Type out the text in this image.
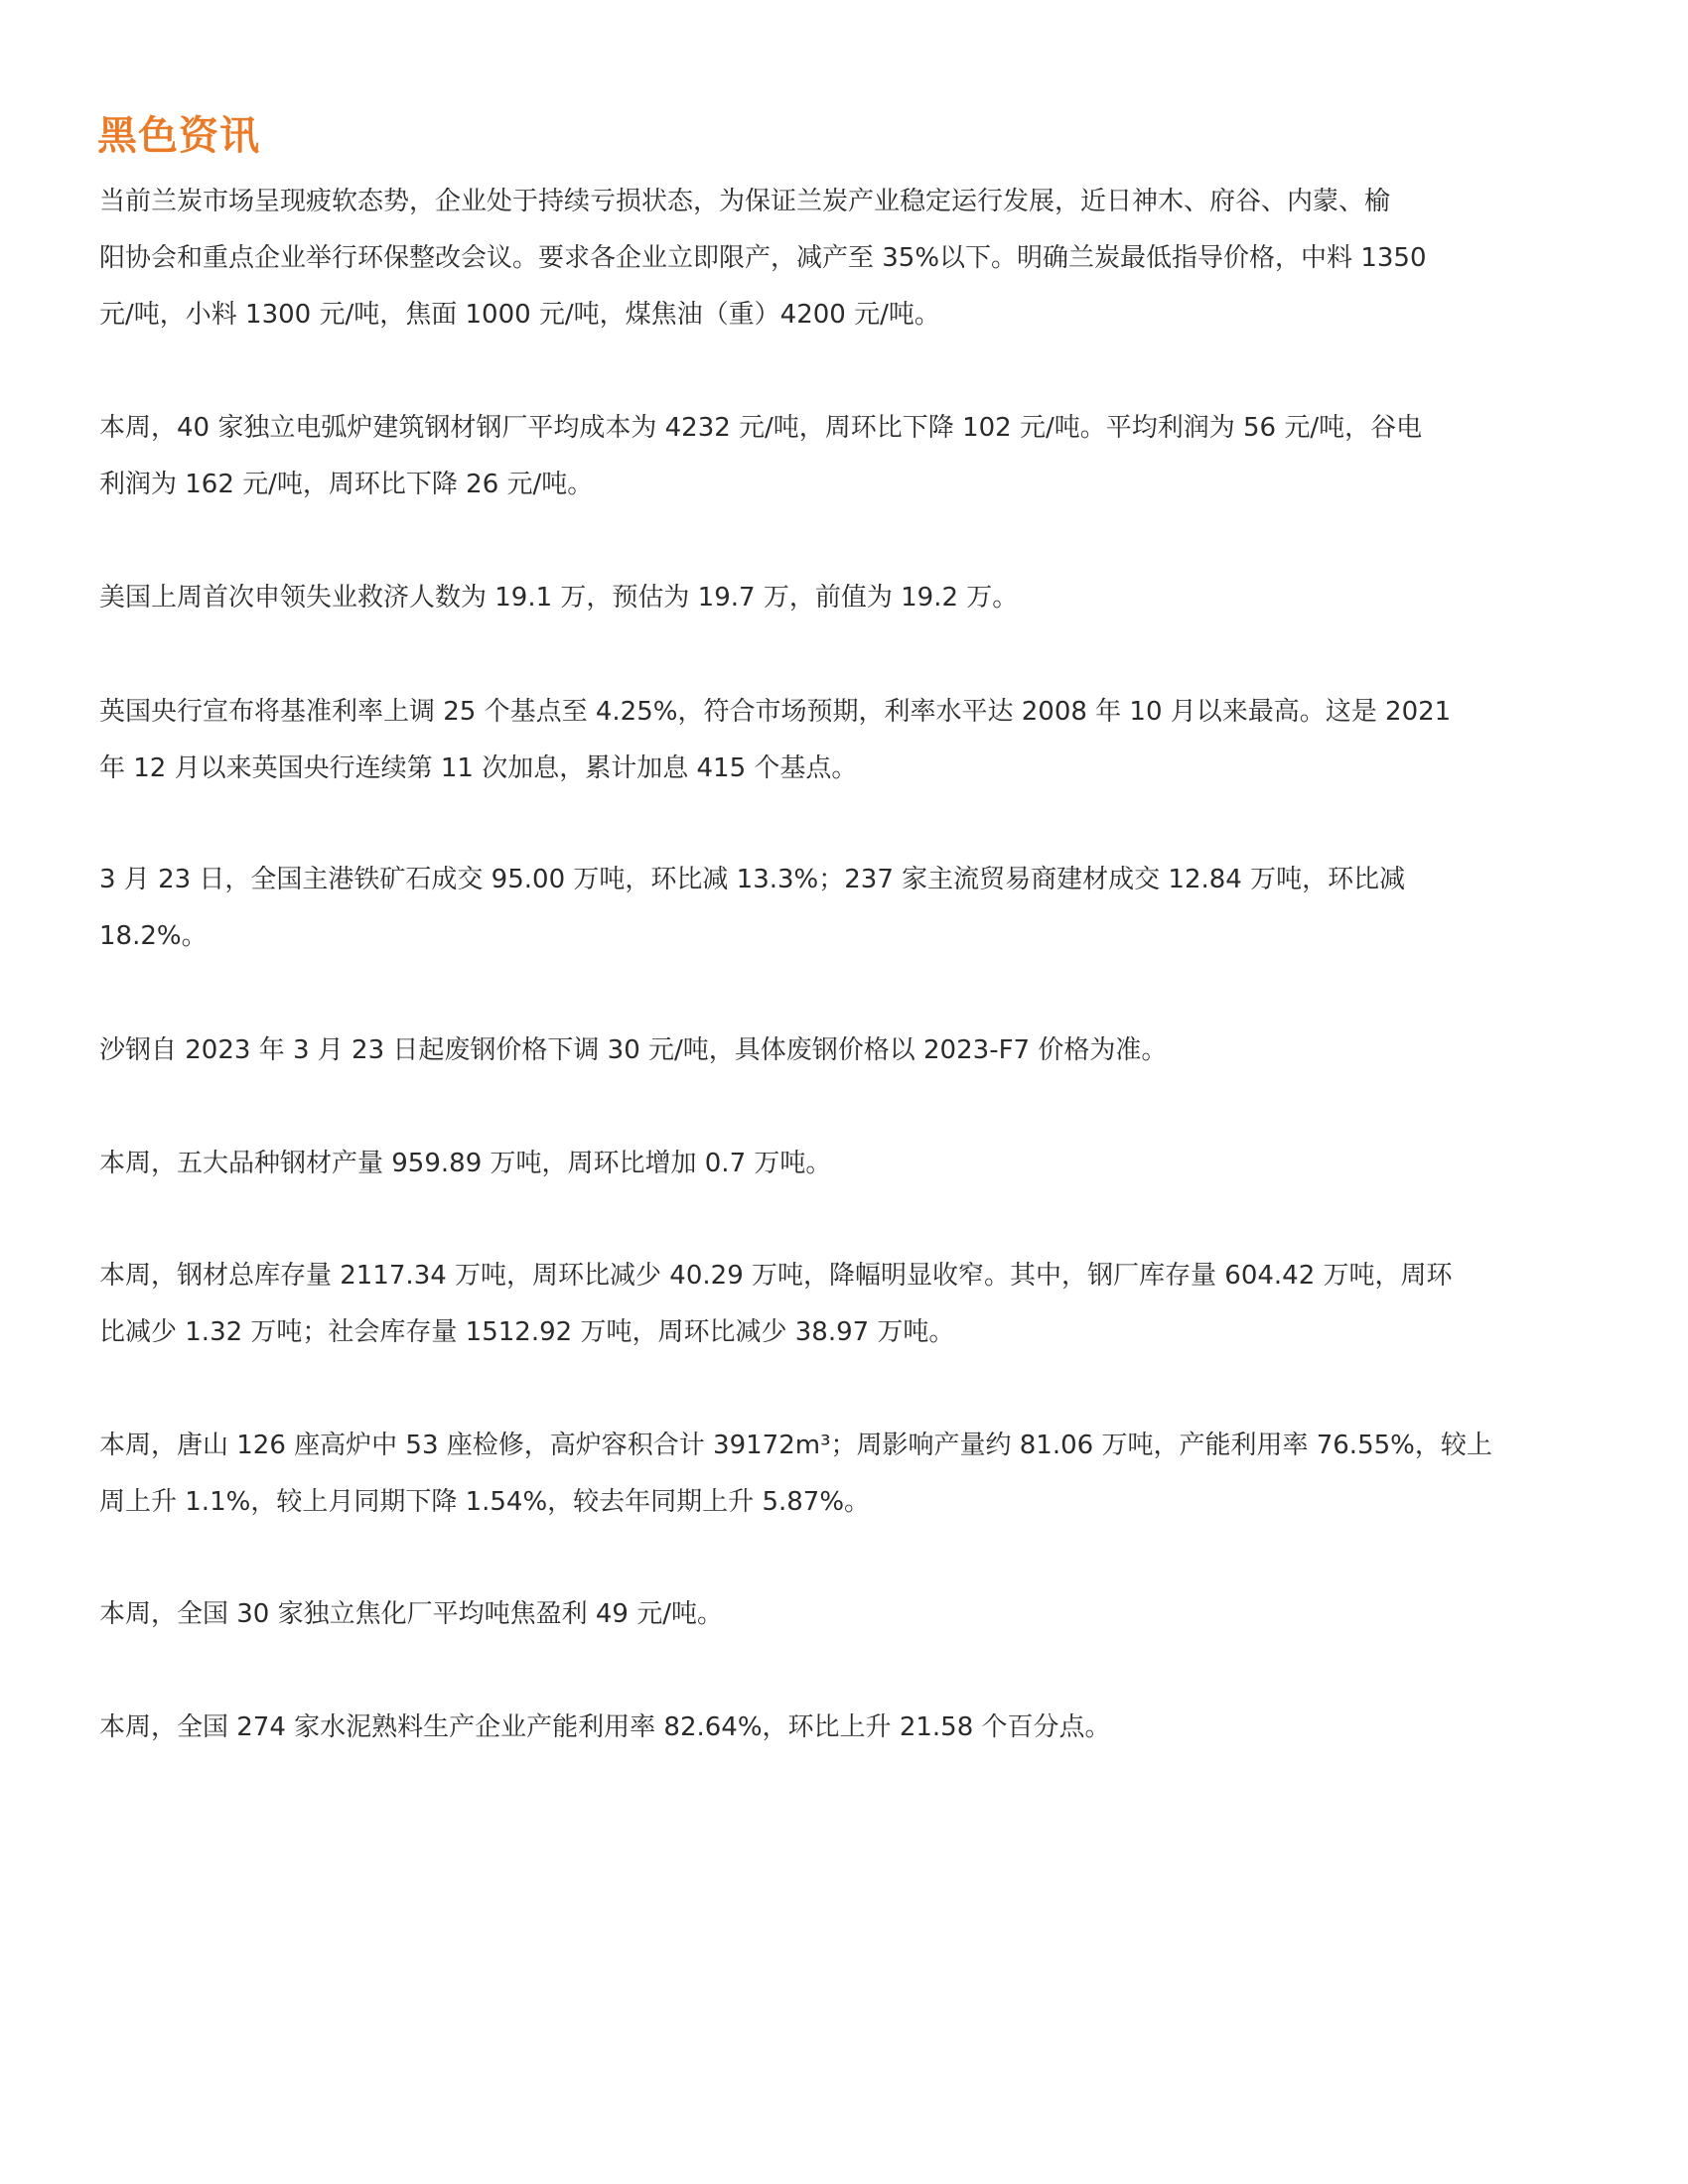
黑色资讯

当前兰炭市场呈现疲软态势，企业处于持续亏损状态，为保证兰炭产业稳定运行发展，近日神木、府谷、内蒙、榆
阳协会和重点企业举行环保整改会议。要求各企业立即限产，减产至 35%以下。明确兰炭最低指导价格，中料 1350
元/吨，小料 1300 元/吨，焦面 1000 元/吨，煤焦油（重）4200 元/吨。

本周，40 家独立电弧炉建筑钢材钢厂平均成本为 4232 元/吨，周环比下降 102 元/吨。平均利润为 56 元/吨，谷电
利润为 162 元/吨，周环比下降 26 元/吨。

美国上周首次申领失业救济人数为 19.1 万，预估为 19.7 万，前值为 19.2 万。

英国央行宣布将基准利率上调 25 个基点至 4.25%，符合市场预期，利率水平达 2008 年 10 月以来最高。这是 2021
年 12 月以来英国央行连续第 11 次加息，累计加息 415 个基点。

3 月 23 日，全国主港铁矿石成交 95.00 万吨，环比减 13.3%；237 家主流贸易商建材成交 12.84 万吨，环比减
18.2%。

沙钢自 2023 年 3 月 23 日起废钢价格下调 30 元/吨，具体废钢价格以 2023-F7 价格为准。

本周，五大品种钢材产量 959.89 万吨，周环比增加 0.7 万吨。

本周，钢材总库存量 2117.34 万吨，周环比减少 40.29 万吨，降幅明显收窄。其中，钢厂库存量 604.42 万吨，周环
比减少 1.32 万吨；社会库存量 1512.92 万吨，周环比减少 38.97 万吨。

本周，唐山 126 座高炉中 53 座检修，高炉容积合计 39172m³；周影响产量约 81.06 万吨，产能利用率 76.55%，较上
周上升 1.1%，较上月同期下降 1.54%，较去年同期上升 5.87%。

本周，全国 30 家独立焦化厂平均吨焦盈利 49 元/吨。

本周，全国 274 家水泥熟料生产企业产能利用率 82.64%，环比上升 21.58 个百分点。
